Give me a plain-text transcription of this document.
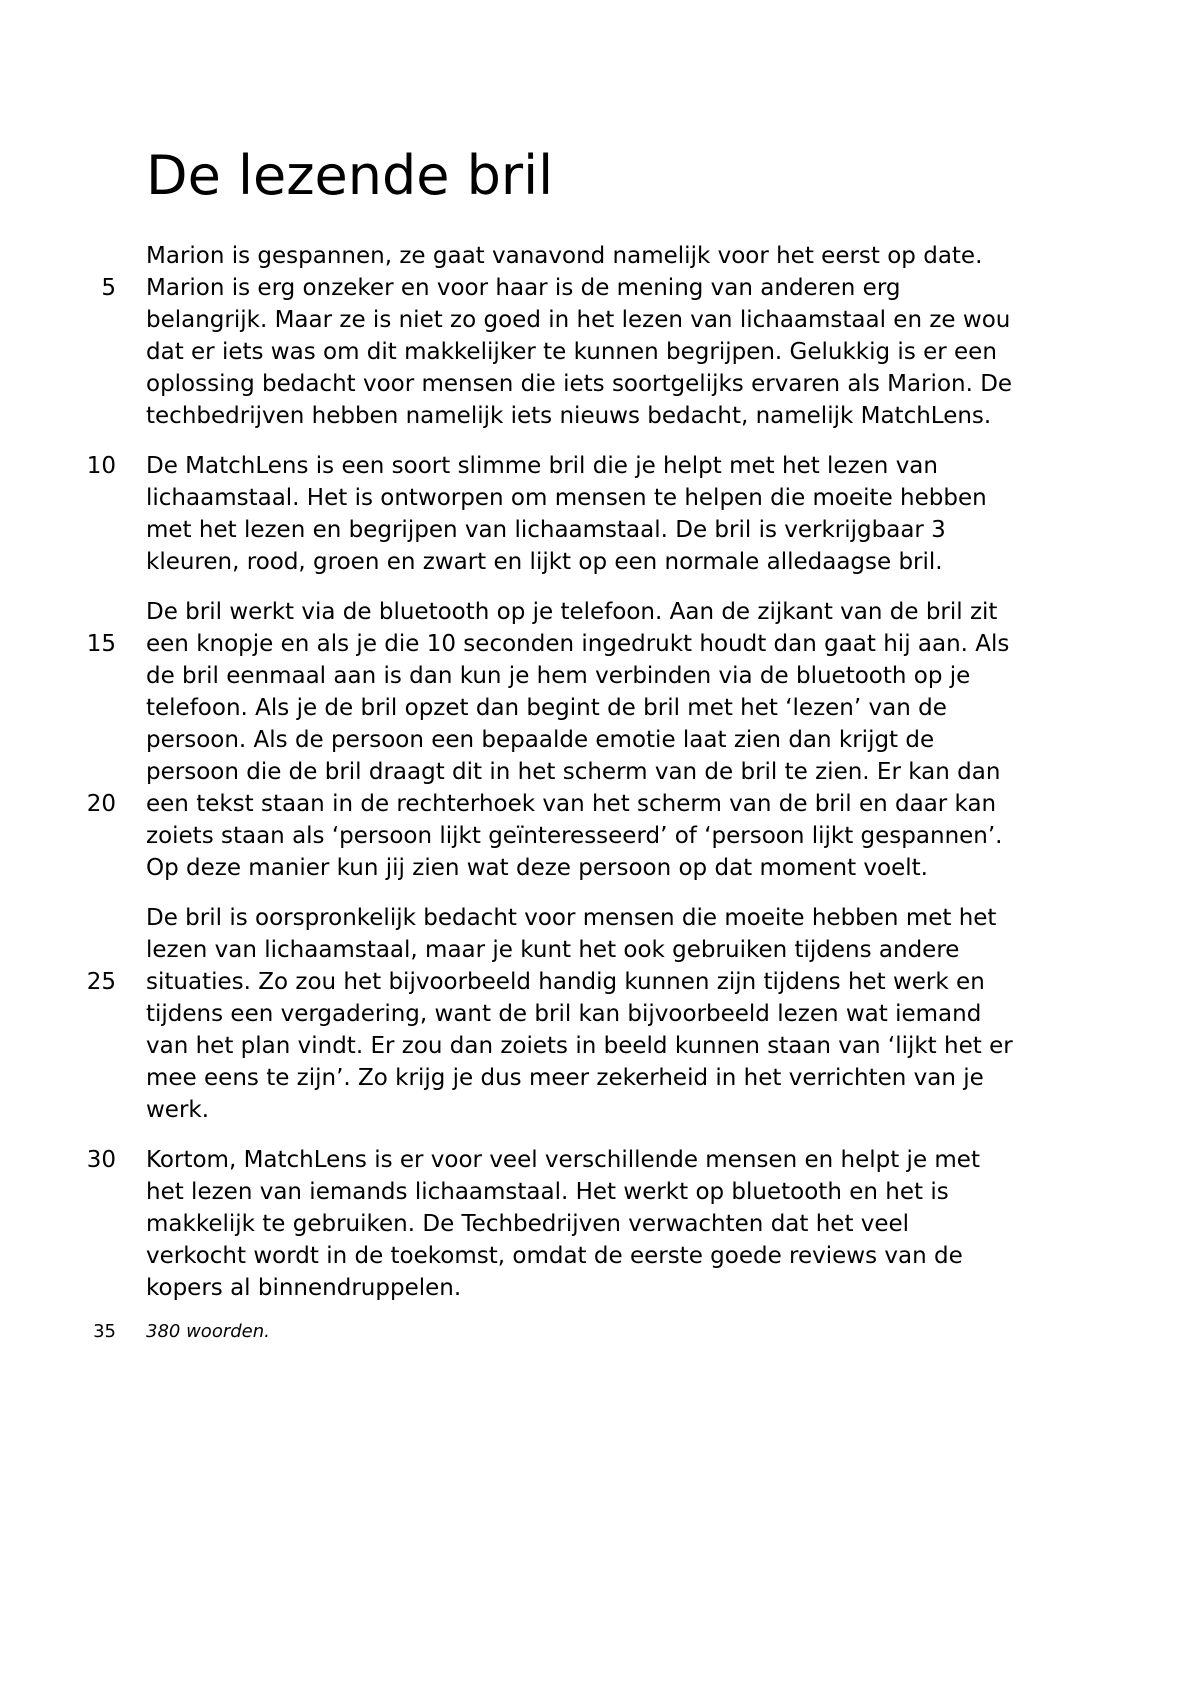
De lezende bril
Marion is gespannen, ze gaat vanavond namelijk voor het eerst op date.
Marion is erg onzeker en voor haar is de mening van anderen erg
belangrijk. Maar ze is niet zo goed in het lezen van lichaamstaal en ze wou
dat er iets was om dit makkelijker te kunnen begrijpen. Gelukkig is er een
oplossing bedacht voor mensen die iets soortgelijks ervaren als Marion. De
techbedrijven hebben namelijk iets nieuws bedacht, namelijk MatchLens.
De MatchLens is een soort slimme bril die je helpt met het lezen van
lichaamstaal. Het is ontworpen om mensen te helpen die moeite hebben
met het lezen en begrijpen van lichaamstaal. De bril is verkrijgbaar 3
kleuren, rood, groen en zwart en lijkt op een normale alledaagse bril.
De bril werkt via de bluetooth op je telefoon. Aan de zijkant van de bril zit
een knopje en als je die 10 seconden ingedrukt houdt dan gaat hij aan. Als
de bril eenmaal aan is dan kun je hem verbinden via de bluetooth op je
telefoon. Als je de bril opzet dan begint de bril met het ‘lezen’ van de
persoon. Als de persoon een bepaalde emotie laat zien dan krijgt de
persoon die de bril draagt dit in het scherm van de bril te zien. Er kan dan
een tekst staan in de rechterhoek van het scherm van de bril en daar kan
zoiets staan als ‘persoon lijkt geïnteresseerd’ of ‘persoon lijkt gespannen’.
Op deze manier kun jij zien wat deze persoon op dat moment voelt.
De bril is oorspronkelijk bedacht voor mensen die moeite hebben met het
lezen van lichaamstaal, maar je kunt het ook gebruiken tijdens andere
situaties. Zo zou het bijvoorbeeld handig kunnen zijn tijdens het werk en
tijdens een vergadering, want de bril kan bijvoorbeeld lezen wat iemand
van het plan vindt. Er zou dan zoiets in beeld kunnen staan van ‘lijkt het er
mee eens te zijn’. Zo krijg je dus meer zekerheid in het verrichten van je
werk.
Kortom, MatchLens is er voor veel verschillende mensen en helpt je met
het lezen van iemands lichaamstaal. Het werkt op bluetooth en het is
makkelijk te gebruiken. De Techbedrijven verwachten dat het veel
verkocht wordt in de toekomst, omdat de eerste goede reviews van de
kopers al binnendruppelen.
5
10
15
20
25
30
35 380 woorden.
